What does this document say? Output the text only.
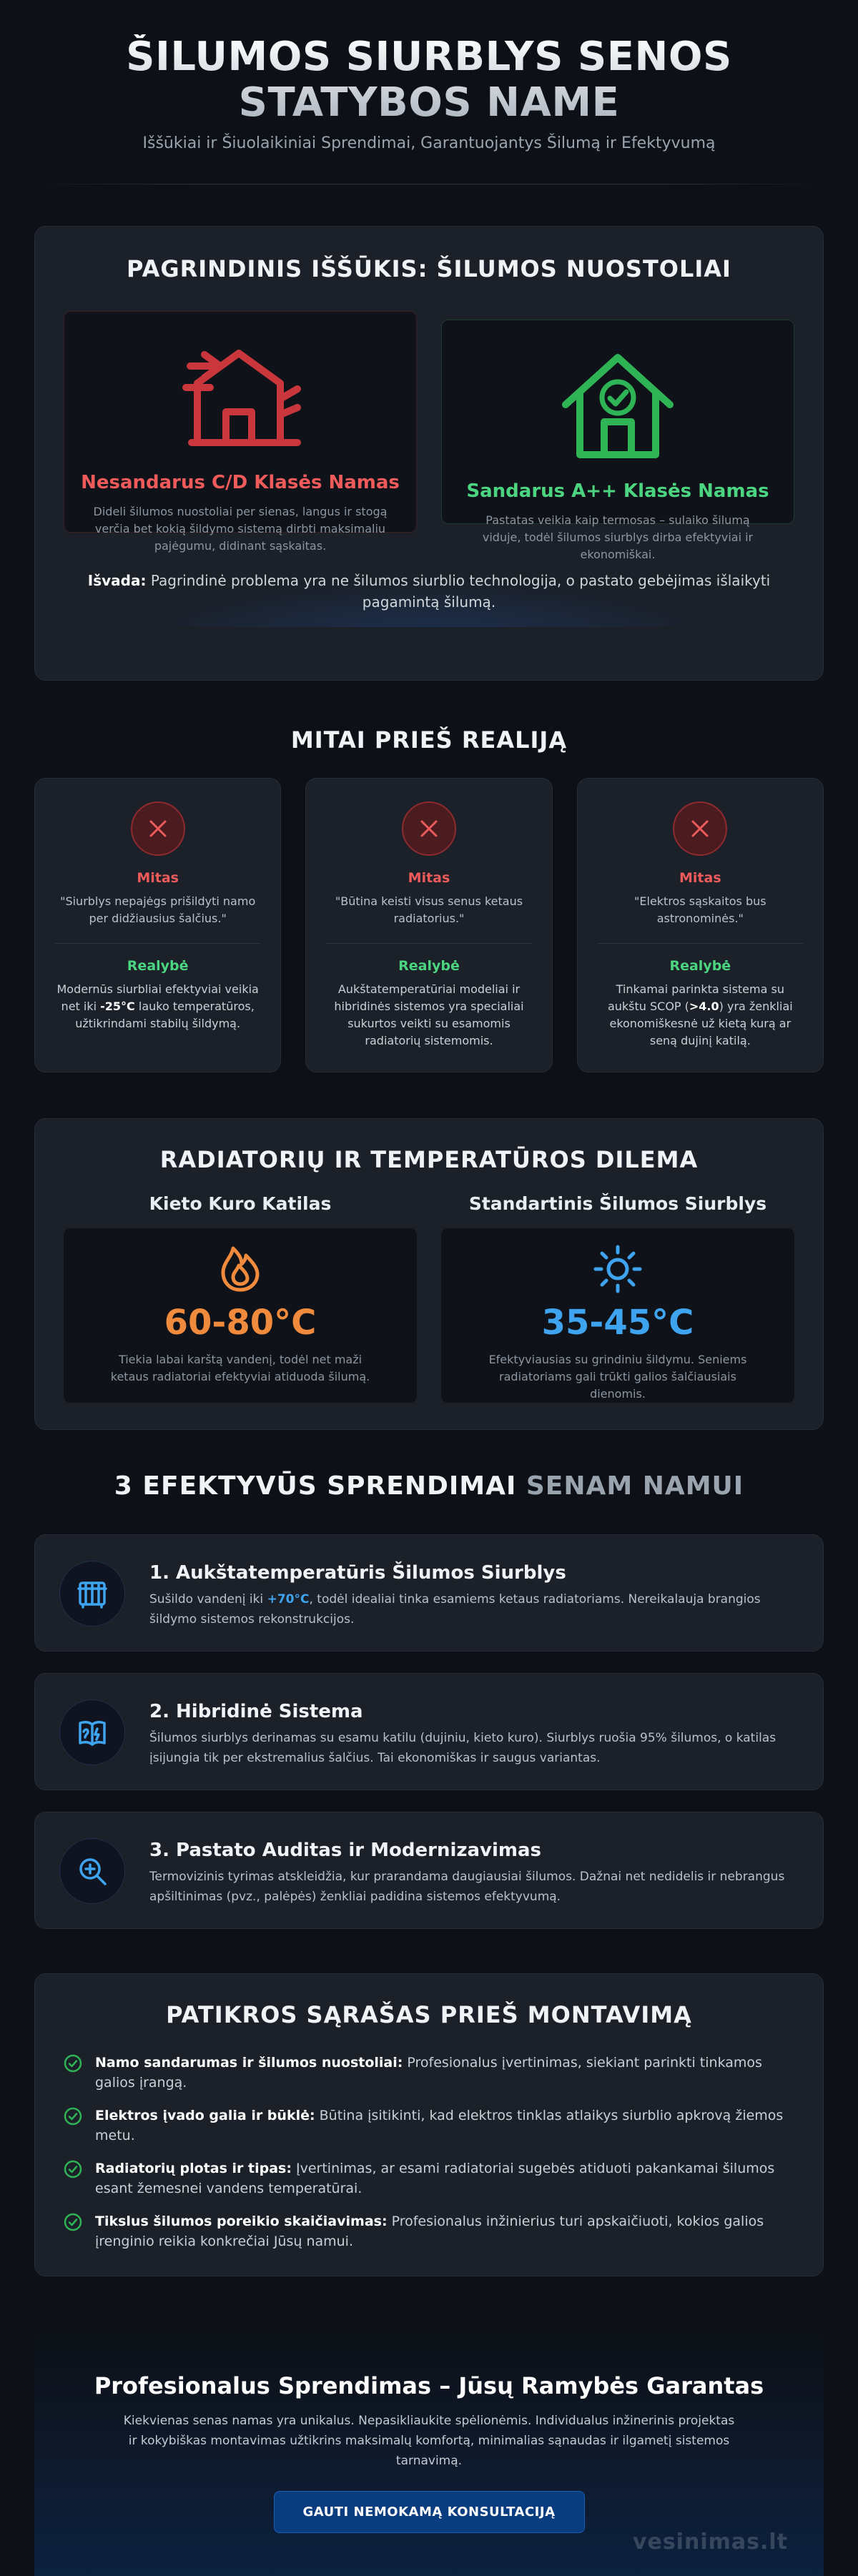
ŠILUMOS SIURBLYS SENOS
STATYBOS NAME

Iššūkiai ir Šiuolaikiniai Sprendimai, Garantuojantys Šilumą ir Efektyvumą

PAGRINDINIS IŠŠŪKIS: ŠILUMOS NUOSTOLIAI
Nesandarus C/D Klasės Namas

Dideli šilumos nuostoliai per sienas, langus ir stogą verčia bet kokią šildymo sistemą dirbti maksimaliu pajėgumu, didinant sąskaitas.

Sandarus A++ Klasės Namas

Pastatas veikia kaip termosas – sulaiko šilumą viduje, todėl šilumos siurblys dirba efektyviai ir ekonomiškai.

Išvada: Pagrindinė problema yra ne šilumos siurblio technologija, o pastato gebėjimas išlaikyti pagamintą šilumą.

MITAI PRIEŠ REALIJĄ
Mitas
"Siurblys nepajėgs prišildyti namo per didžiausius šalčius."
Realybė
Modernūs siurbliai efektyviai veikia net iki -25°C lauko temperatūros, užtikrindami stabilų šildymą.
Mitas
"Būtina keisti visus senus ketaus radiatorius."
Realybė
Aukštatemperatūriai modeliai ir hibridinės sistemos yra specialiai sukurtos veikti su esamomis radiatorių sistemomis.
Mitas
"Elektros sąskaitos bus astronominės."
Realybė
Tinkamai parinkta sistema su aukštu SCOP (>4.0) yra ženkliai ekonomiškesnė už kietą kurą ar seną dujinį katilą.
RADIATORIŲ IR TEMPERATŪROS DILEMA
Kieto Kuro Katilas
60-80°C

Tiekia labai karštą vandenį, todėl net maži ketaus radiatoriai efektyviai atiduoda šilumą.

Standartinis Šilumos Siurblys
35-45°C

Efektyviausias su grindiniu šildymu. Seniems radiatoriams gali trūkti galios šalčiausiais dienomis.

3 EFEKTYVŪS SPRENDIMAI SENAM NAMUI
1. Aukštatemperatūris Šilumos Siurblys

Sušildo vandenį iki +70°C, todėl idealiai tinka esamiems ketaus radiatoriams. Nereikalauja brangios šildymo sistemos rekonstrukcijos.

2. Hibridinė Sistema

Šilumos siurblys derinamas su esamu katilu (dujiniu, kieto kuro). Siurblys ruošia 95% šilumos, o katilas įsijungia tik per ekstremalius šalčius. Tai ekonomiškas ir saugus variantas.

3. Pastato Auditas ir Modernizavimas

Termovizinis tyrimas atskleidžia, kur prarandama daugiausiai šilumos. Dažnai net nedidelis ir nebrangus apšiltinimas (pvz., palėpės) ženkliai padidina sistemos efektyvumą.

PATIKROS SĄRAŠAS PRIEŠ MONTAVIMĄ

Namo sandarumas ir šilumos nuostoliai: Profesionalus įvertinimas, siekiant parinkti tinkamos galios įrangą.

Elektros įvado galia ir būklė: Būtina įsitikinti, kad elektros tinklas atlaikys siurblio apkrovą žiemos metu.

Radiatorių plotas ir tipas: Įvertinimas, ar esami radiatoriai sugebės atiduoti pakankamai šilumos esant žemesnei vandens temperatūrai.

Tikslus šilumos poreikio skaičiavimas: Profesionalus inžinierius turi apskaičiuoti, kokios galios įrenginio reikia konkrečiai Jūsų namui.

Profesionalus Sprendimas – Jūsų Ramybės Garantas

Kiekvienas senas namas yra unikalus. Nepasikliaukite spėlionėmis. Individualus inžinerinis projektas ir kokybiškas montavimas užtikrins maksimalų komfortą, minimalias sąnaudas ir ilgametį sistemos tarnavimą.

GAUTI NEMOKAMĄ KONSULTACIJĄ
vesinimas.lt
